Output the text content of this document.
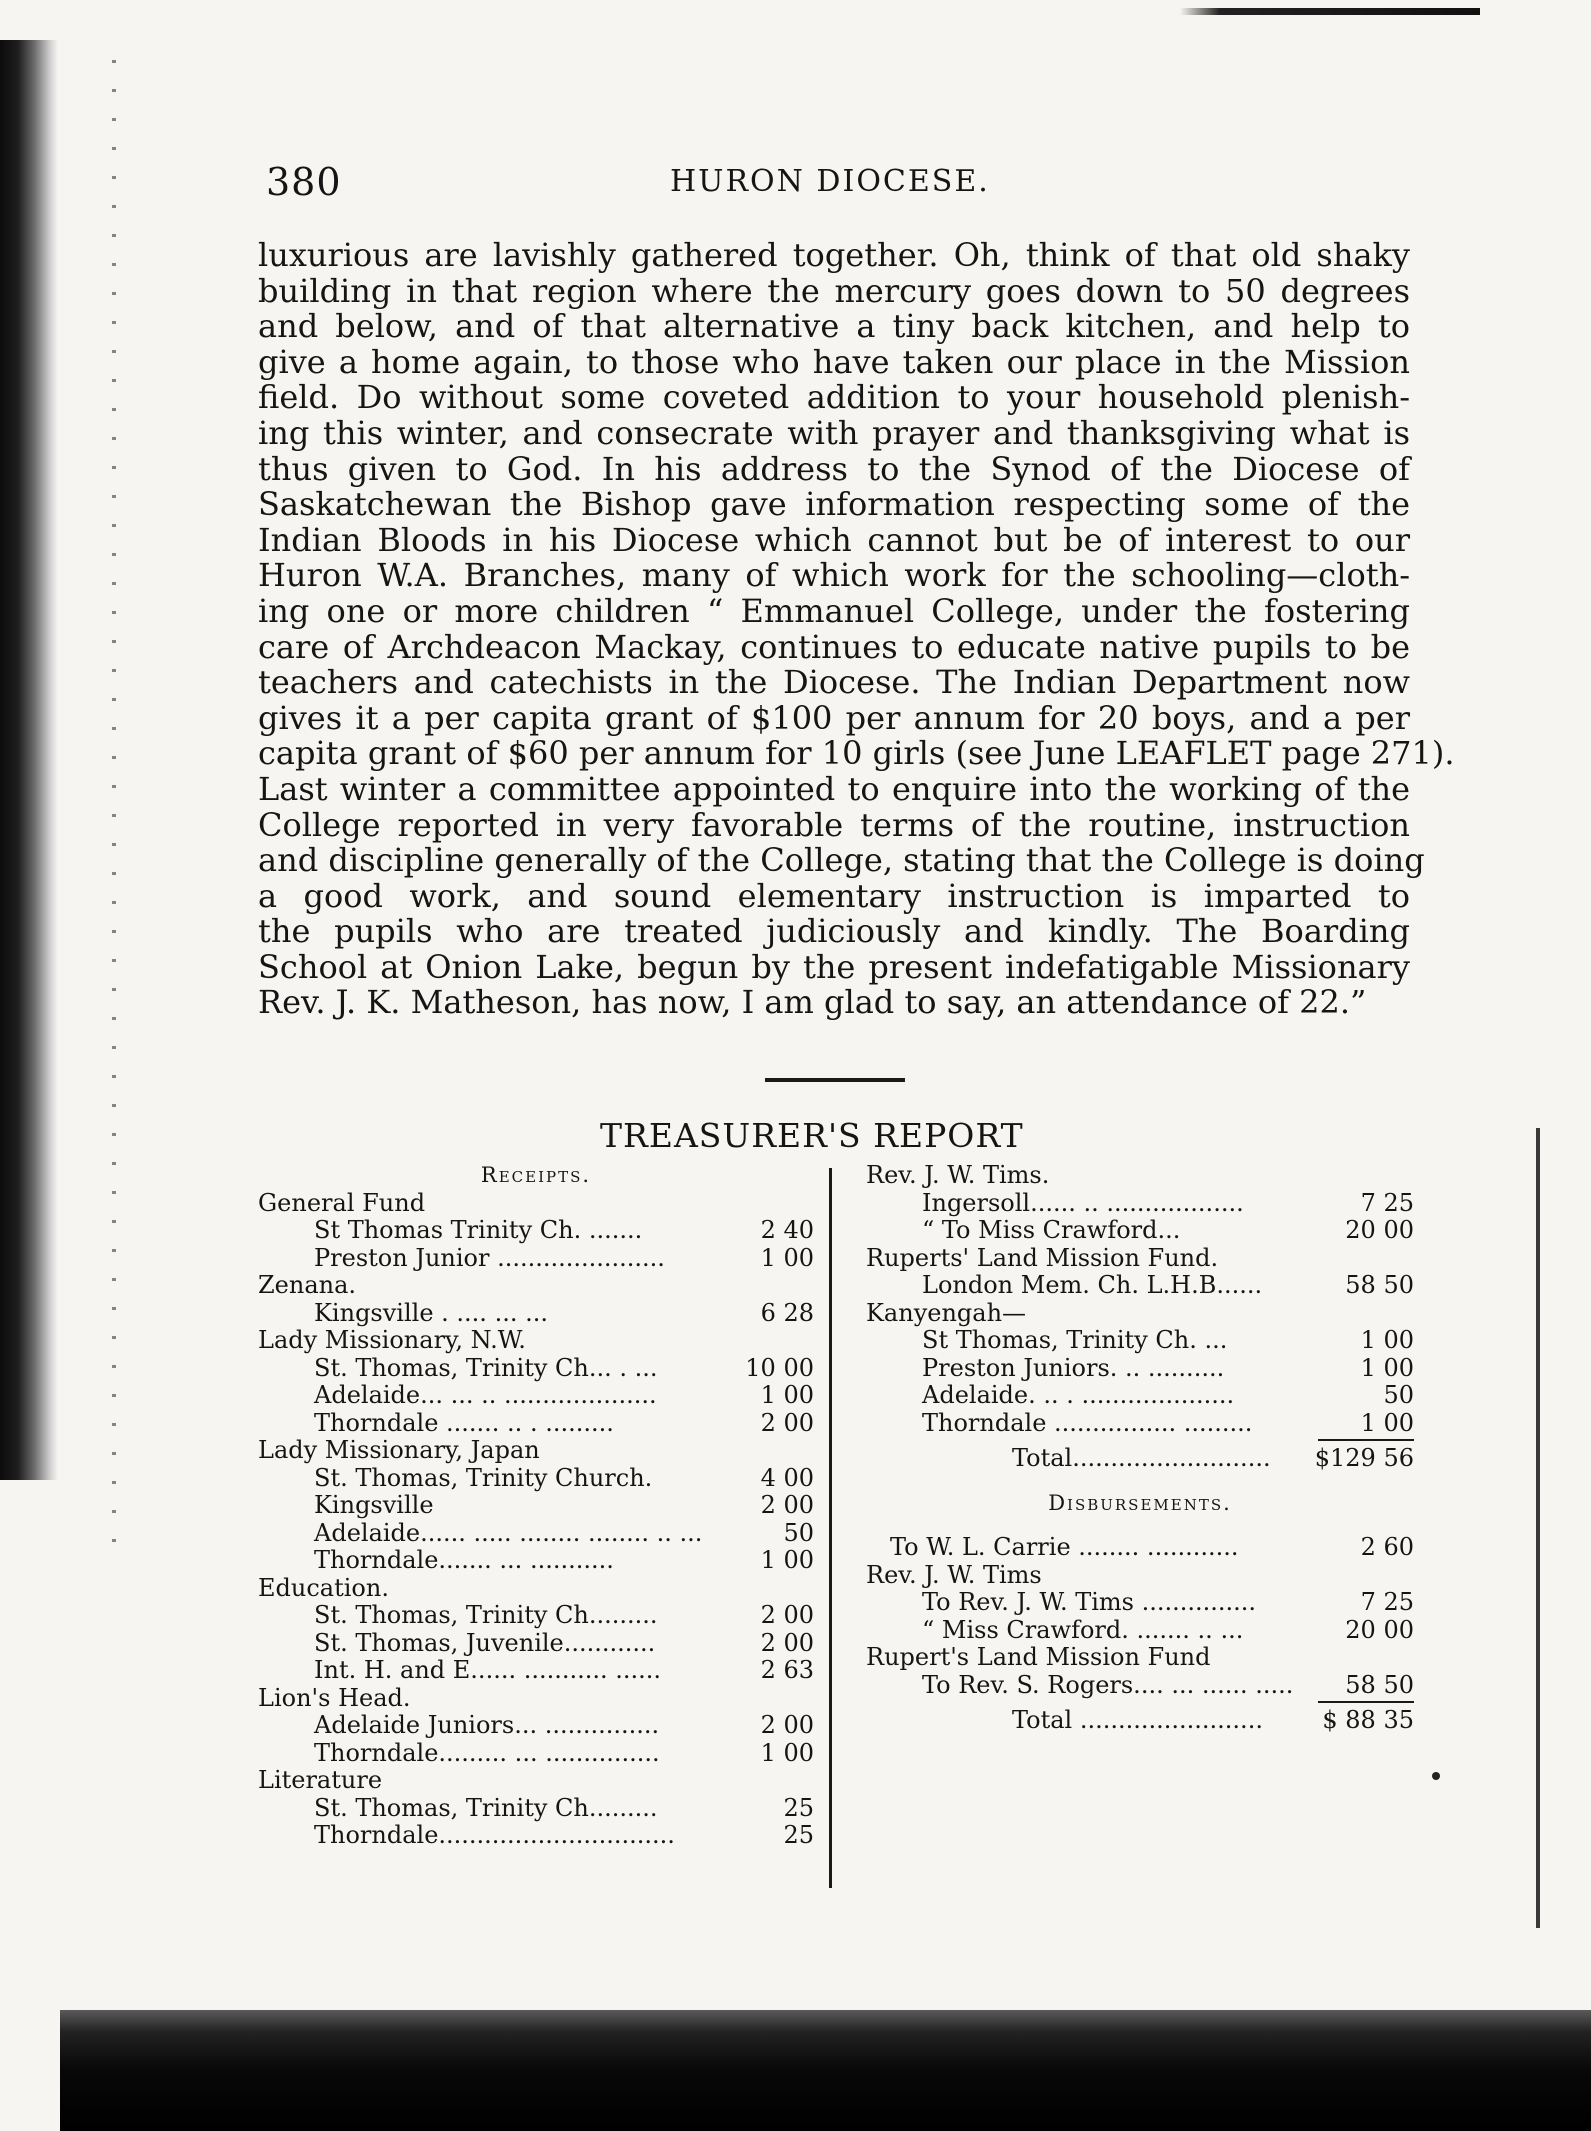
380	HURON DIOCESE.
luxurious are lavishly gathered together. Oh, think of that old shaky
building in that region where the mercury goes down to 50 degrees
and below, and of that alternative a tiny back kitchen, and help to
give a home again, to those who have taken our place in the Mission
field. Do without some coveted addition to your household plenish-
ing this winter, and consecrate with prayer and thanksgiving what is
thus given to God. In his address to the Synod of the Diocese of
Saskatchewan the Bishop gave information respecting some of the
Indian Bloods in his Diocese which cannot but be of interest to our
Huron W.A. Branches, many of which work for the schooling—cloth-
ing one or more children “ Emmanuel College, under the fostering
care of Archdeacon Mackay, continues to educate native pupils to be
teachers and catechists in the Diocese. The Indian Department now
gives it a per capita grant of $100 per annum for 20 boys, and a per
capita grant of $60 per annum for 10 girls (see June LEAFLET page 271).
Last winter a committee appointed to enquire into the working of the
College reported in very favorable terms of the routine, instruction
and discipline generally of the College, stating that the College is doing
a good work, and sound elementary instruction is imparted to
the pupils who are treated judiciously and kindly. The Boarding
School at Onion Lake, begun by the present indefatigable Missionary
Rev. J. K. Matheson, has now, I am glad to say, an attendance of 22.”
TREASURER'S REPORT
Receipts.
General Fund
St Thomas Trinity Ch. .......	2 40
Preston Junior ......................	1 00
Zenana.
Kingsville . .... ... ...	6 28
Lady Missionary, N.W.
St. Thomas, Trinity Ch... . ...	10 00
Adelaide... ... .. ....................	1 00
Thorndale ....... .. . .........	2 00
Lady Missionary, Japan
St. Thomas, Trinity Church.	4 00
Kingsville	2 00
Adelaide...... ..... ........ ........ .. ...	50
Thorndale....... ... ...........	1 00
Education.
St. Thomas, Trinity Ch.........	2 00
St. Thomas, Juvenile............	2 00
Int. H. and E...... ........... ......	2 63
Lion's Head.
Adelaide Juniors... ...............	2 00
Thorndale......... ... ...............	1 00
Literature
St. Thomas, Trinity Ch.........	25
Thorndale...............................	25
Rev. J. W. Tims.
Ingersoll...... .. ..................	7 25
“ To Miss Crawford...	20 00
Ruperts' Land Mission Fund.
London Mem. Ch. L.H.B......	58 50
Kanyengah—
St Thomas, Trinity Ch. ...	1 00
Preston Juniors. .. ..........	1 00
Adelaide. .. . ....................	50
Thorndale ................ .........	1 00
Total.......................... $129 56
Disbursements.
To W. L. Carrie ........ ............	2 60
Rev. J. W. Tims
To Rev. J. W. Tims ...............	7 25
“ Miss Crawford. ....... .. ...	20 00
Rupert's Land Mission Fund
To Rev. S. Rogers.... ... ...... ..... 58 50
Total ........................ $ 88 35
